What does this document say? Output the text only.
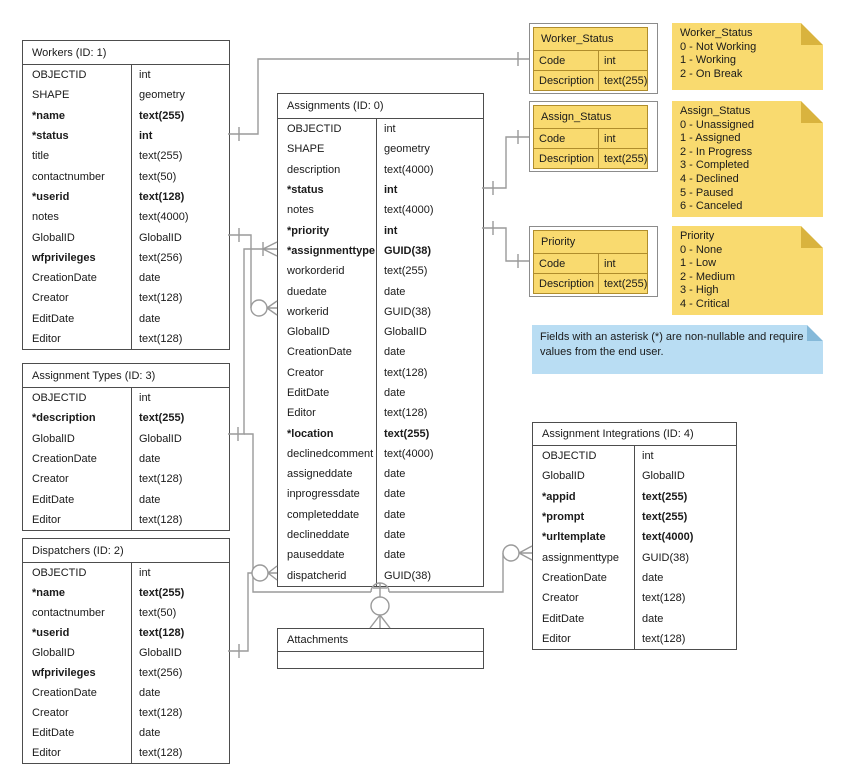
Workers (ID: 1)
OBJECTID	int
SHAPE	geometry
*name	text(255)
*status	int
title	text(255)
contactnumber	text(50)
*userid	text(128)
notes	text(4000)
GlobalID	GlobalID
wfprivileges	text(256)
CreationDate	date
Creator	text(128)
EditDate	date
Editor	text(128)
Assignment Types (ID: 3)
OBJECTID	int
*description	text(255)
GlobalID	GlobalID
CreationDate	date
Creator	text(128)
EditDate	date
Editor	text(128)
Dispatchers (ID: 2)
OBJECTID	int
*name	text(255)
contactnumber	text(50)
*userid	text(128)
GlobalID	GlobalID
wfprivileges	text(256)
CreationDate	date
Creator	text(128)
EditDate	date
Editor	text(128)
Assignments (ID: 0)
OBJECTID	int
SHAPE	geometry
description	text(4000)
*status	int
notes	text(4000)
*priority	int
*assignmenttype GUID(38)
workorderid	text(255)
duedate	date
workerid	GUID(38)
GlobalID	GlobalID
CreationDate	date
Creator	text(128)
EditDate	date
Editor	text(128)
*location	text(255)
declinedcomment text(4000)
assigneddate	date
inprogressdate	date
completeddate	date
declineddate	date
pauseddate	date
dispatcherid	GUID(38)
Attachments
Assignment Integrations (ID: 4)
OBJECTID	int
GlobalID	GlobalID
*appid	text(255)
*prompt	text(255)
*urltemplate	text(4000)
assignmenttype	GUID(38)
CreationDate	date
Creator	text(128)
EditDate	date
Editor	text(128)
Worker_Status
Code	int
Description text(255)
Assign_Status
Code	int
Description text(255)
Priority
Code	int
Description text(255)
Worker_Status
0 - Not Working
1 - Working
2 - On Break
Assign_Status
0 - Unassigned
1 - Assigned
2 - In Progress
3 - Completed
4 - Declined
5 - Paused
6 - Canceled
Priority
0 - None
1 - Low
2 - Medium
3 - High
4 - Critical
Fields with an asterisk (*) are non-nullable and require values from the end user.
